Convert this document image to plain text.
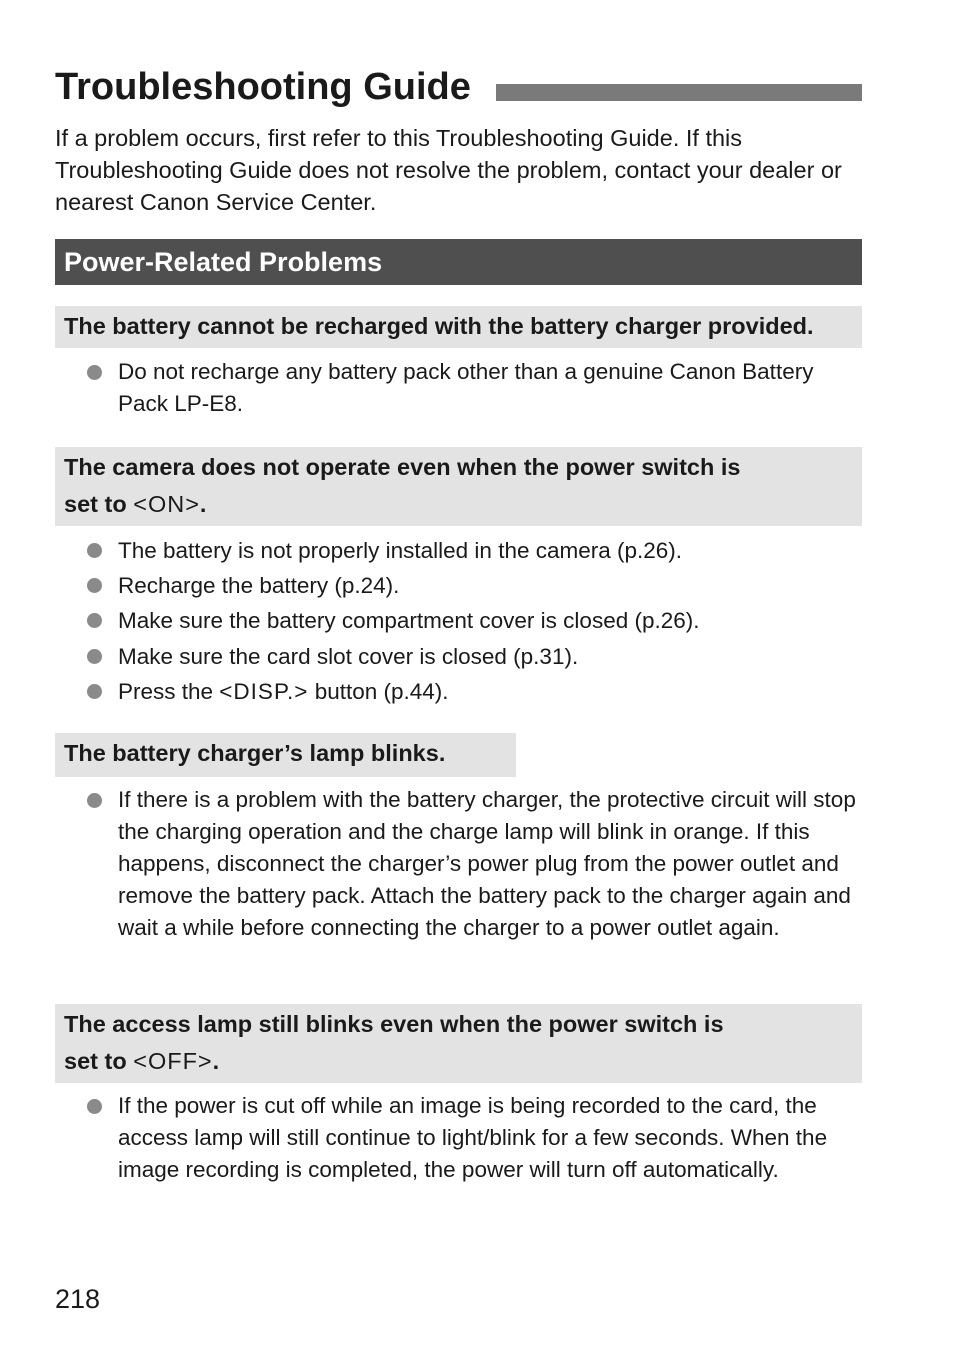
Troubleshooting Guide

If a problem occurs, first refer to this Troubleshooting Guide. If this Troubleshooting Guide does not resolve the problem, contact your dealer or nearest Canon Service Center.

Power-Related Problems
The battery cannot be recharged with the battery charger provided.
Do not recharge any battery pack other than a genuine Canon Battery Pack LP-E8.
The camera does not operate even when the power switch is
set to <ON>.
The battery is not properly installed in the camera (p.26).
Recharge the battery (p.24).
Make sure the battery compartment cover is closed (p.26).
Make sure the card slot cover is closed (p.31).
Press the <DISP.> button (p.44).
The battery charger’s lamp blinks.
If there is a problem with the battery charger, the protective circuit will stop the charging operation and the charge lamp will blink in orange. If this happens, disconnect the charger’s power plug from the power outlet and remove the battery pack. Attach the battery pack to the charger again and wait a while before connecting the charger to a power outlet again.
The access lamp still blinks even when the power switch is
set to <OFF>.
If the power is cut off while an image is being recorded to the card, the access lamp will still continue to light/blink for a few seconds. When the image recording is completed, the power will turn off automatically.
218
